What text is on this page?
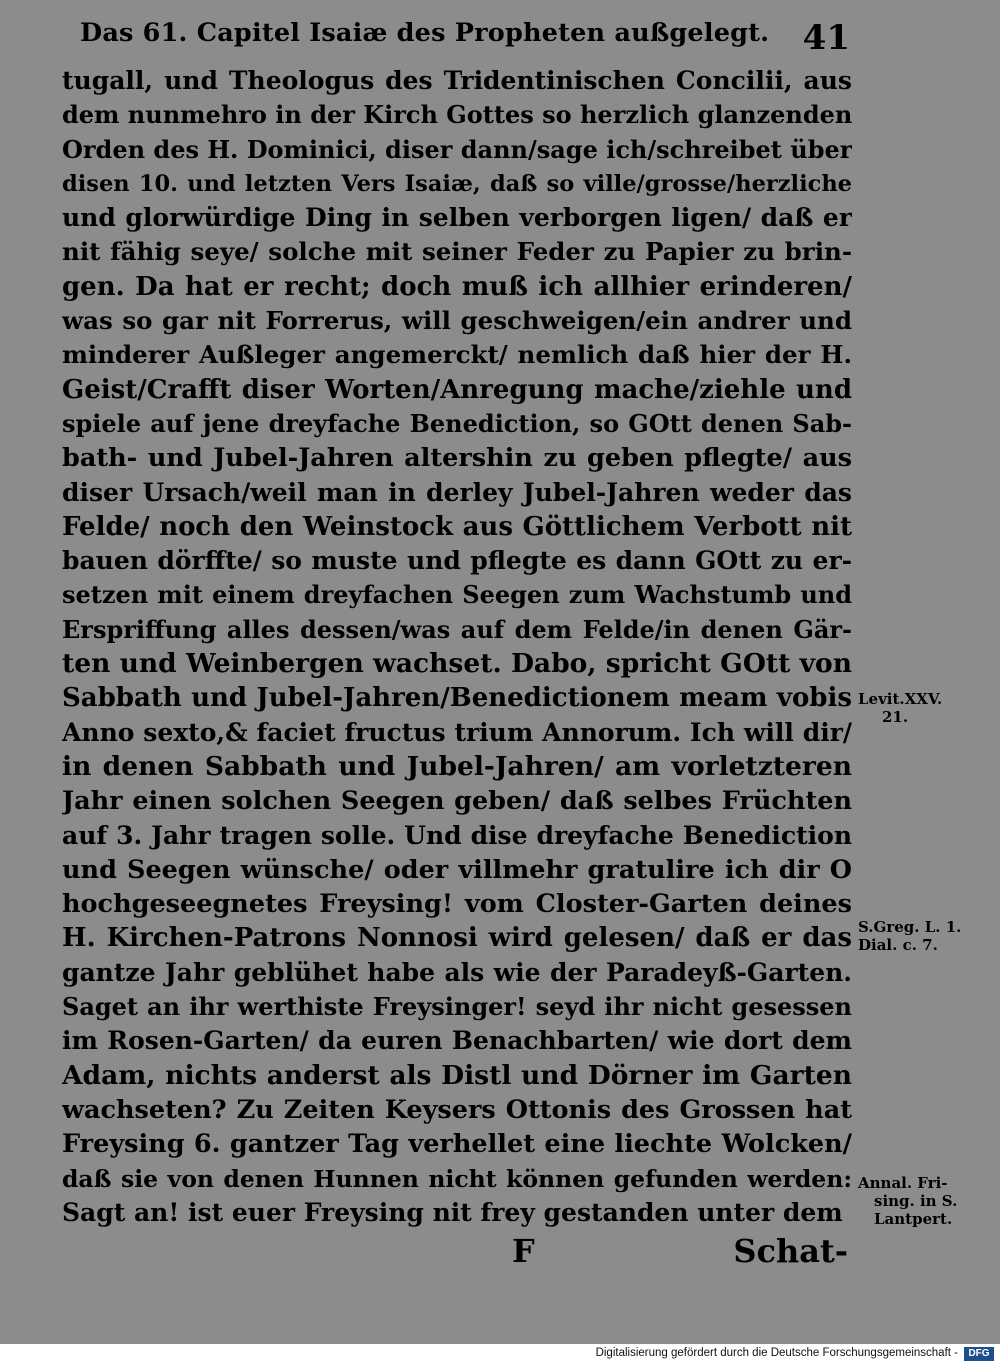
Das 61. Capitel Isaiæ des Propheten außgelegt. 41
tugall, und Theologus des Tridentinischen Concilii, aus
dem nunmehro in der Kirch Gottes so herzlich glanzenden
Orden des H. Dominici, diser dann/sage ich/schreibet über
disen 10. und letzten Vers Isaiæ, daß so ville/grosse/herzliche
und glorwürdige Ding in selben verborgen ligen/ daß er
nit fähig seye/ solche mit seiner Feder zu Papier zu brin-
gen. Da hat er recht; doch muß ich allhier erinderen/
was so gar nit Forrerus, will geschweigen/ein andrer und
minderer Außleger angemerckt/ nemlich daß hier der H.
Geist/Crafft diser Worten/Anregung mache/ziehle und
spiele auf jene dreyfache Benediction, so GOtt denen Sab-
bath- und Jubel-Jahren altershin zu geben pflegte/ aus
diser Ursach/weil man in derley Jubel-Jahren weder das
Felde/ noch den Weinstock aus Göttlichem Verbott nit
bauen dörffte/ so muste und pflegte es dann GOtt zu er-
setzen mit einem dreyfachen Seegen zum Wachstumb und
Erspriffung alles dessen/was auf dem Felde/in denen Gär-
ten und Weinbergen wachset. Dabo, spricht GOtt von
Sabbath und Jubel-Jahren/Benedictionem meam vobis
Anno sexto,& faciet fructus trium Annorum. Ich will dir/
in denen Sabbath und Jubel-Jahren/ am vorletzteren
Jahr einen solchen Seegen geben/ daß selbes Früchten
auf 3. Jahr tragen solle. Und dise dreyfache Benediction
und Seegen wünsche/ oder villmehr gratulire ich dir O
hochgeseegnetes Freysing! vom Closter-Garten deines
H. Kirchen-Patrons Nonnosi wird gelesen/ daß er das
gantze Jahr geblühet habe als wie der Paradeyß-Garten.
Saget an ihr werthiste Freysinger! seyd ihr nicht gesessen
im Rosen-Garten/ da euren Benachbarten/ wie dort dem
Adam, nichts anderst als Distl und Dörner im Garten
wachseten? Zu Zeiten Keysers Ottonis des Grossen hat
Freysing 6. gantzer Tag verhellet eine liechte Wolcken/
daß sie von denen Hunnen nicht können gefunden werden:
Sagt an! ist euer Freysing nit frey gestanden unter dem
Levit.XXV.
21.
S.Greg. L. 1.
Dial. c. 7.
Annal. Fri-
sing. in S.
Lantpert.
F	Schat-
Digitalisierung gefördert durch die Deutsche Forschungsgemeinschaft -	DFG
